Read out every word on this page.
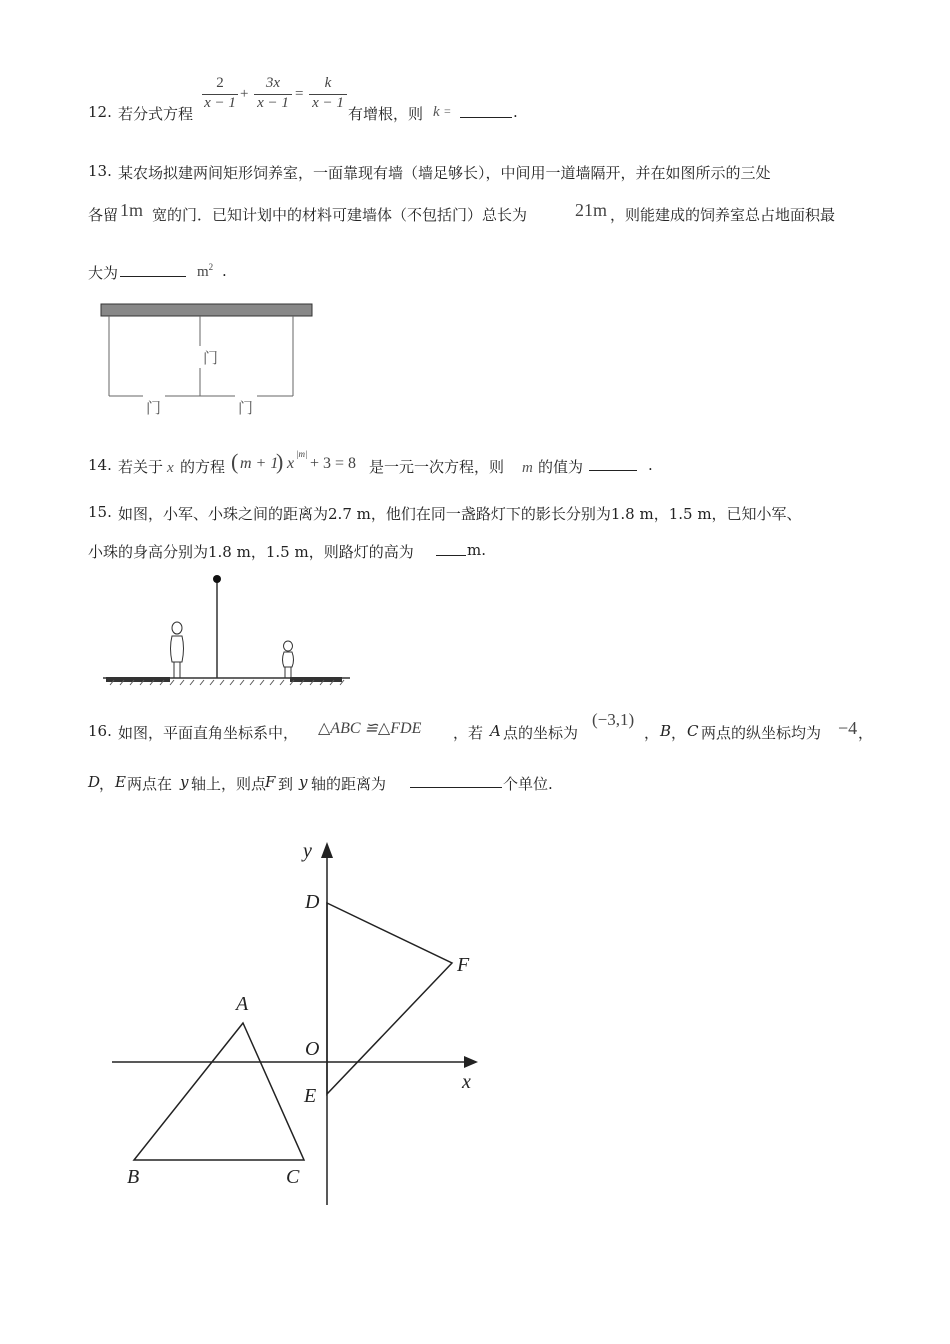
12. 若分式方程
2
x − 1
+
3x
x − 1
=
k
x − 1
有增根，则 k =	.
13. 某农场拟建两间矩形饲养室，一面靠现有墙（墙足够长），中间用一道墙隔开，并在如图所示的三处
各留 1m 宽的门．已知计划中的材料可建墙体（不包括门）总长为	21m ，则能建成的饲养室总占地面积最
大为	$m^2$ .
门
门	门
14. 若关于 x 的方程 ( m + 1
) x
|m|
+ 3 = 8 是一元一次方程，则 m 的值为	.
15. 如图，小军、小珠之间的距离为2.7 m，他们在同一盏路灯下的影长分别为1.8 m，1.5 m，已知小军、
小珠的身高分别为1.8 m，1.5 m，则路灯的高为	m.
16. 如图，平面直角坐标系中， △ABC ≌△FDE ，若 A 点的坐标为
(−3,1)
， B ， C 两点的纵坐标均为 −4 ，
D
， E 两点在 y 轴上，则点
F 到 y 轴的距离为	个单位.
y
x
O
A
B	C
D
E
F
